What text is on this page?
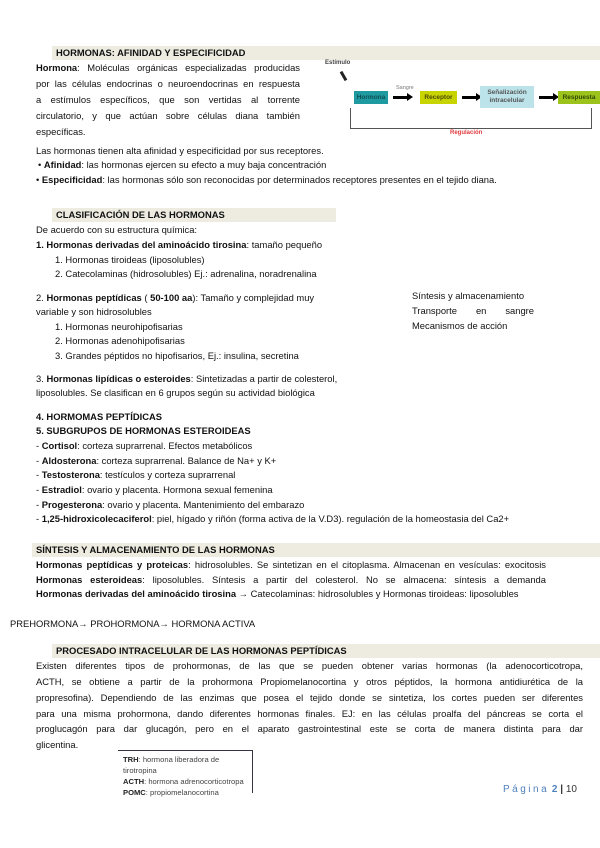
HORMONAS: AFINIDAD Y ESPECIFICIDAD
Hormona: Moléculas orgánicas especializadas producidas
por las células endocrinas o neuroendocrinas en respuesta
a estímulos específicos, que son vertidas al torrente
circulatorio, y que actúan sobre células diana también
específicas.
Estímulo
Sangre
Hormona	Receptor
Señalización intracelular	Respuesta
Regulación
Las hormonas tienen alta afinidad y especificidad por sus receptores.
• Afinidad: las hormonas ejercen su efecto a muy baja concentración
• Especificidad: las hormonas sólo son reconocidas por determinados receptores presentes en el tejido diana.
CLASIFICACIÓN DE LAS HORMONAS
De acuerdo con su estructura química:
1. Hormonas derivadas del aminoácido tirosina: tamaño pequeño
1. Hormonas tiroideas (liposolubles)
2. Catecolaminas (hidrosolubles) Ej.: adrenalina, noradrenalina
2. Hormonas peptídicas ( 50-100 aa): Tamaño y complejidad muy
variable y son hidrosolubles
1. Hormonas neurohipofisarias
2. Hormonas adenohipofisarias
3. Grandes péptidos no hipofisarios, Ej.: insulina, secretina
3. Hormonas lipídicas o esteroides: Sintetizadas a partir de colesterol,
liposolubles. Se clasifican en 6 grupos según su actividad biológica
Síntesis y almacenamiento
Transporte en sangre
Mecanismos de acción
4. HORMOMAS PEPTÍDICAS
5. SUBGRUPOS DE HORMONAS ESTEROIDEAS
- Cortisol: corteza suprarrenal. Efectos metabólicos
- Aldosterona: corteza suprarrenal. Balance de Na+ y K+
- Testosterona: testículos y corteza suprarrenal
- Estradiol: ovario y placenta. Hormona sexual femenina
- Progesterona: ovario y placenta. Mantenimiento del embarazo
- 1,25-hidroxicolecaciferol: piel, hígado y riñón (forma activa de la V.D3). regulación de la homeostasia del Ca2+
SÍNTESIS Y ALMACENAMIENTO DE LAS HORMONAS
Hormonas peptídicas y proteicas: hidrosolubles. Se sintetizan en el citoplasma. Almacenan en vesículas: exocitosis
Hormonas esteroideas: liposolubles. Síntesis a partir del colesterol. No se almacena: síntesis a demanda
Hormonas derivadas del aminoácido tirosina → Catecolaminas: hidrosolubles y Hormonas tiroideas: liposolubles
PREHORMONA→ PROHORMONA→ HORMONA ACTIVA
PROCESADO INTRACELULAR DE LAS HORMONAS PEPTÍDICAS
Existen diferentes tipos de prohormonas, de las que se pueden obtener varias hormonas (la adenocorticotropa,
ACTH, se obtiene a partir de la prohormona Propiomelanocortina y otros péptidos, la hormona antidiurética de la
propresofina). Dependiendo de las enzimas que posea el tejido donde se sintetiza, los cortes pueden ser diferentes
para una misma prohormona, dando diferentes hormonas finales. EJ: en las células proalfa del páncreas se corta el
proglucagón para dar glucagón, pero en el aparato gastrointestinal este se corta de manera distinta para dar
glicentina.
TRH: hormona liberadora de tirotropina
ACTH: hormona adrenocorticotropa
POMC: propiomelanocortina	Página 2 | 10
